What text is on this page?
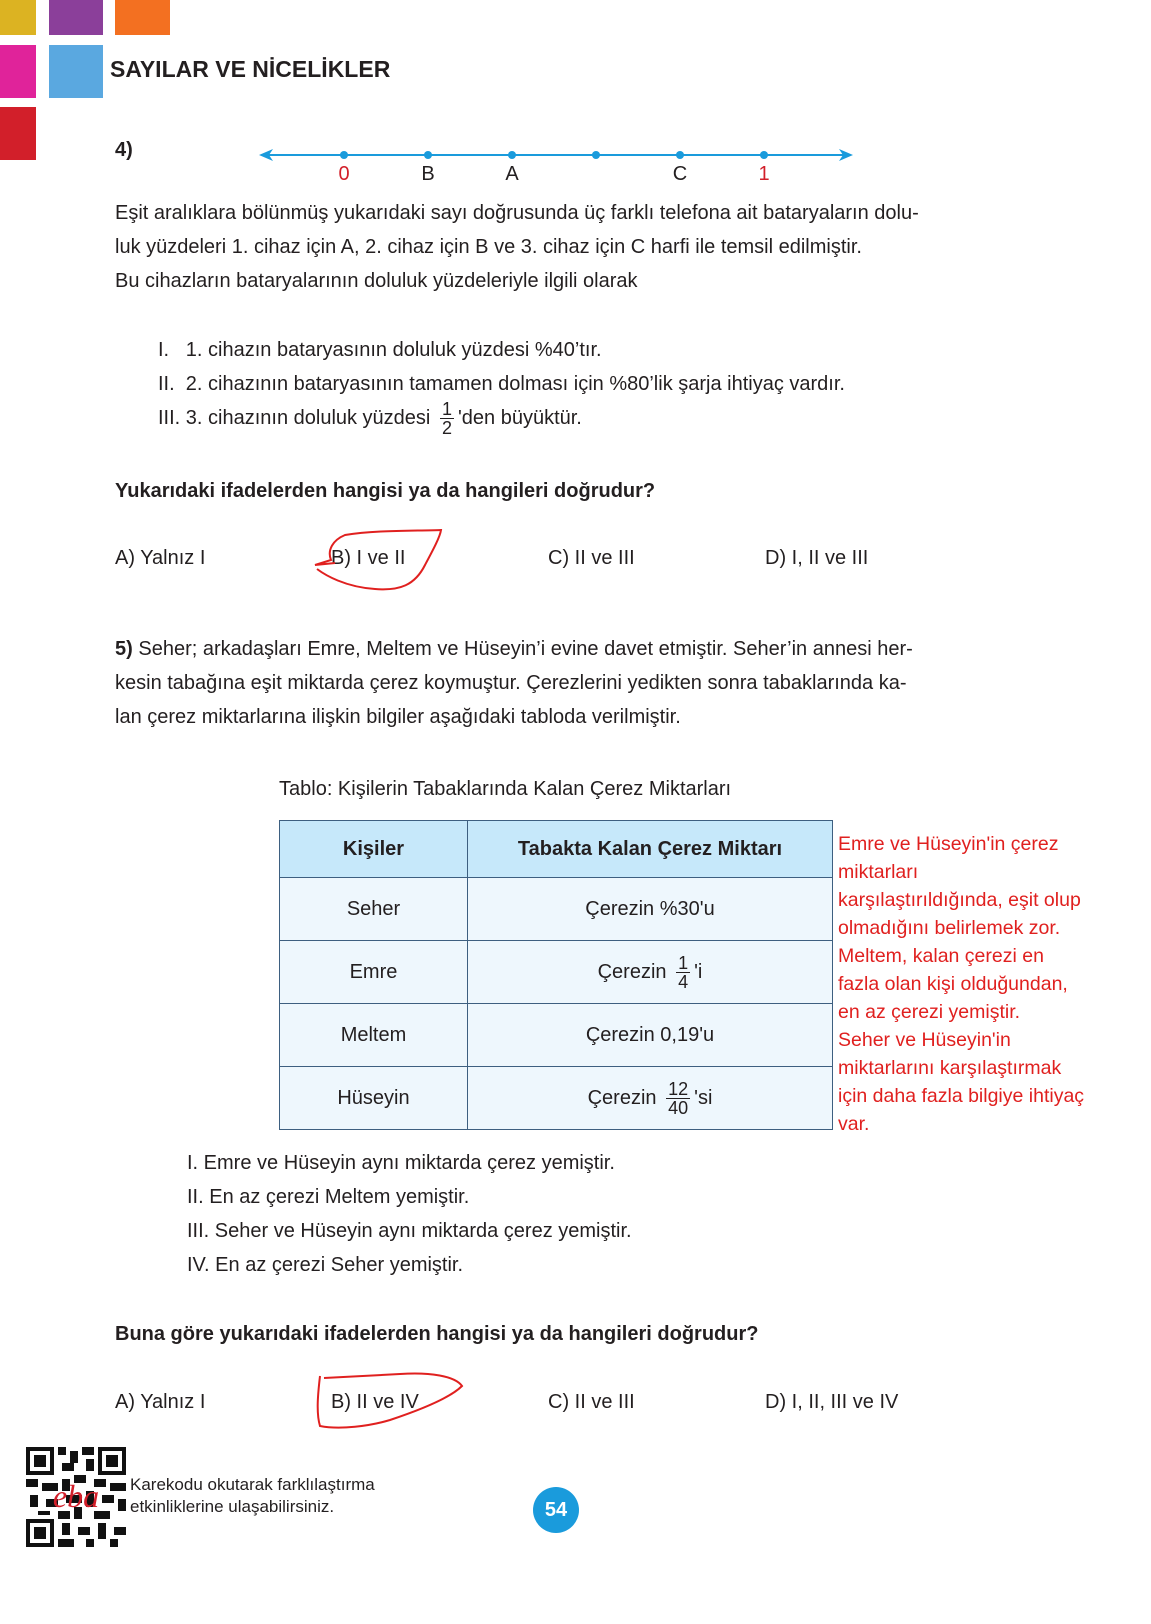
SAYILAR VE NİCELİKLER
4)
0	B	A	C	1
Eşit aralıklara bölünmüş yukarıdaki sayı doğrusunda üç farklı telefona ait bataryaların dolu-
luk yüzdeleri 1. cihaz için A, 2. cihaz için B ve 3. cihaz için C harfi ile temsil edilmiştir.
Bu cihazların bataryalarının doluluk yüzdeleriyle ilgili olarak
I.   1. cihazın bataryasının doluluk yüzdesi %40’tır.
II.  2. cihazının bataryasının tamamen dolması için %80’lik şarja ihtiyaç vardır.
III. 3. cihazının doluluk yüzdesi $\frac{1}{2}$ 'den büyüktür.
Yukarıdaki ifadelerden hangisi ya da hangileri doğrudur?
A) Yalnız I	B) I ve II	C) II ve III	D) I, II ve III
5) Seher; arkadaşları Emre, Meltem ve Hüseyin’i evine davet etmiştir. Seher’in annesi her-
kesin tabağına eşit miktarda çerez koymuştur. Çerezlerini yedikten sonra tabaklarında ka-
lan çerez miktarlarına ilişkin bilgiler aşağıdaki tabloda verilmiştir.
Tablo: Kişilerin Tabaklarında Kalan Çerez Miktarları
Kişiler	Tabakta Kalan Çerez Miktarı
Seher	Çerezin %30'u
Emre	Çerezin $\frac{1}{4}$ 'i
Meltem	Çerezin 0,19'u
Hüseyin	Çerezin $\frac{12}{40}$ 'si
Emre ve Hüseyin'in çerez
miktarları
karşılaştırıldığında, eşit olup
olmadığını belirlemek zor.
Meltem, kalan çerezi en
fazla olan kişi olduğundan,
en az çerezi yemiştir.
Seher ve Hüseyin'in
miktarlarını karşılaştırmak
için daha fazla bilgiye ihtiyaç
var.
I. Emre ve Hüseyin aynı miktarda çerez yemiştir.
II. En az çerezi Meltem yemiştir.
III. Seher ve Hüseyin aynı miktarda çerez yemiştir.
IV. En az çerezi Seher yemiştir.
Buna göre yukarıdaki ifadelerden hangisi ya da hangileri doğrudur?
A) Yalnız I	B) II ve IV	C) II ve III	D) I, II, III ve IV
eba Karekodu okutarak farklılaştırma
etkinliklerine ulaşabilirsiniz.	54
